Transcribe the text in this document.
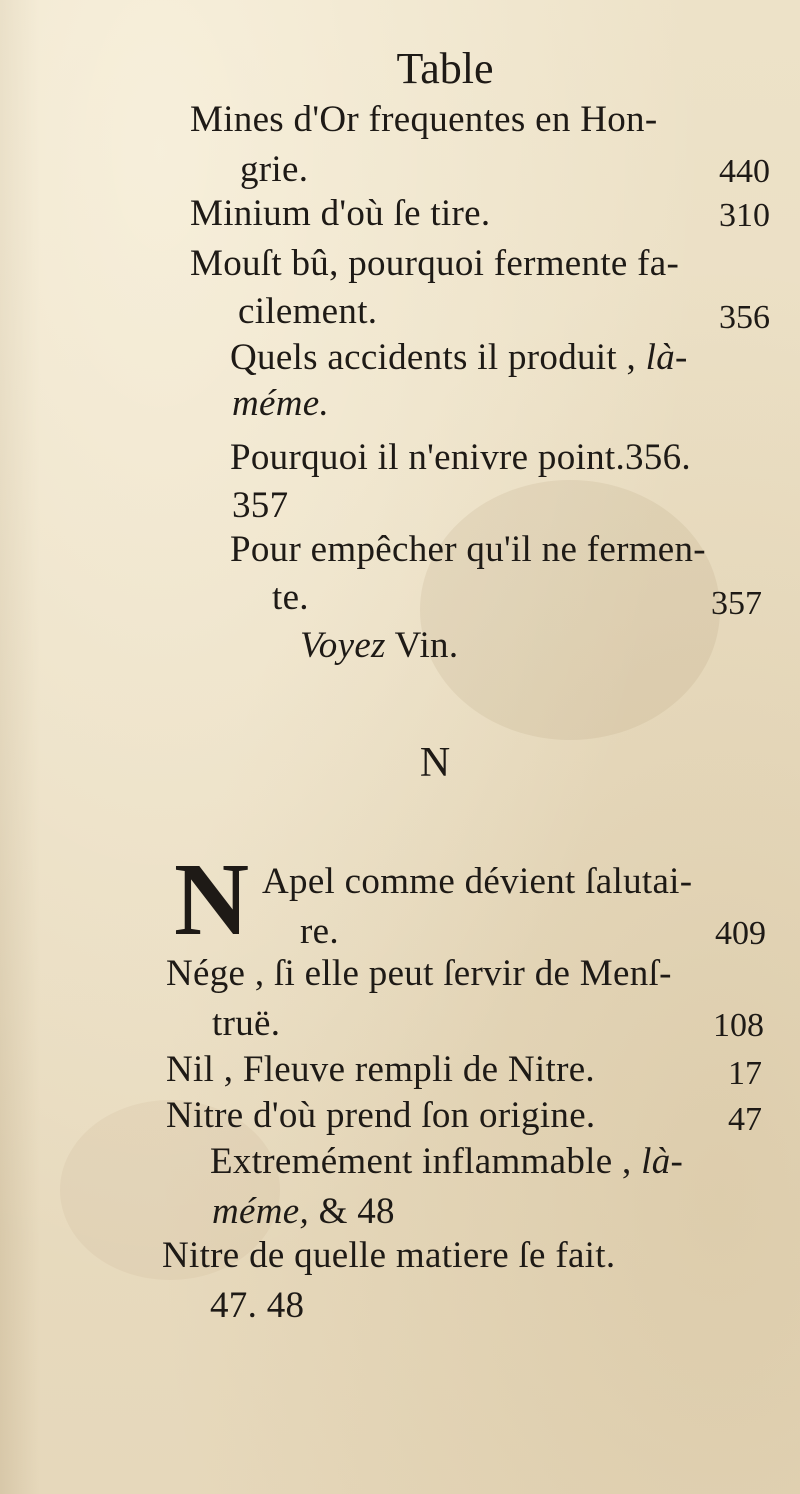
Table
Mines d'Or frequentes en Hon-
grie.	440
Minium d'où ſe tire.	310
Mouſt bû, pourquoi fermente fa-
cilement.	356
Quels accidents il produit , là-
méme.
Pourquoi il n'enivre point.356.
357
Pour empêcher qu'il ne fermen-
te.	357
Voyez Vin.
N
N Apel comme dévient ſalutai-
re.	409
Nége , ſi elle peut ſervir de Menſ-
truë.	108
Nil , Fleuve rempli de Nitre.	17
Nitre d'où prend ſon origine.	47
Extremément inflammable , là-
méme, & 48
Nitre de quelle matiere ſe fait.
47. 48
